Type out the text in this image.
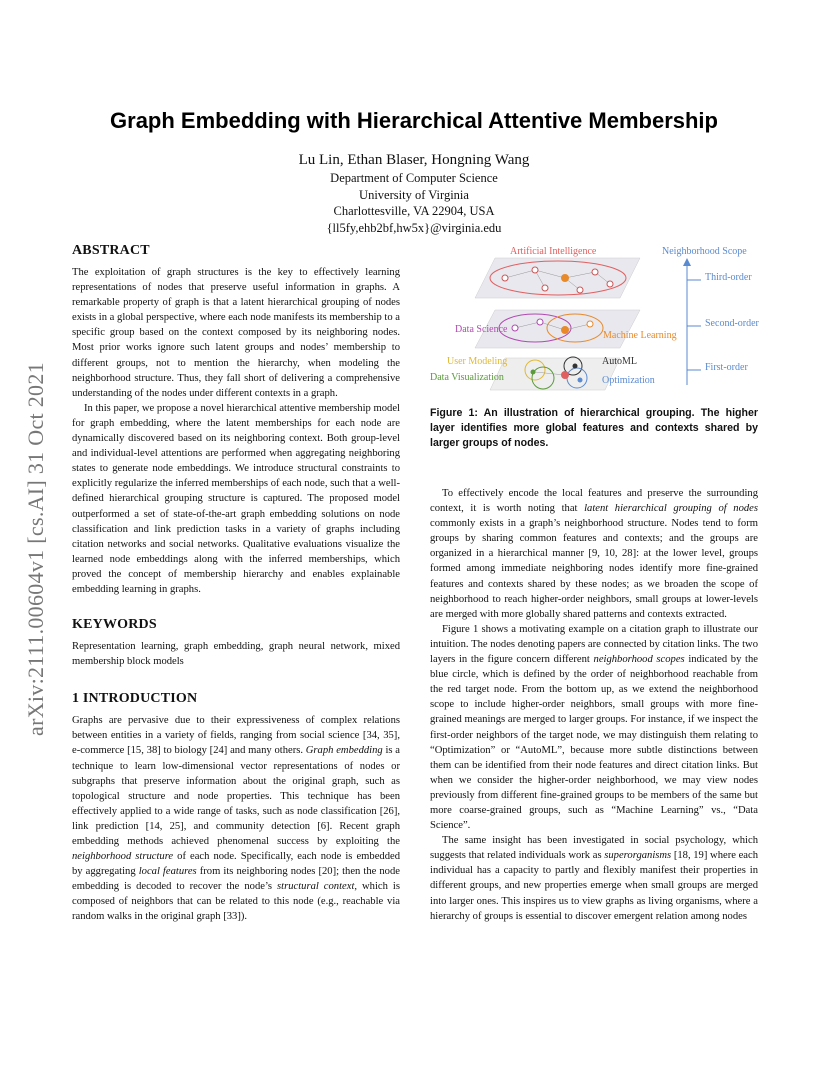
arXiv:2111.00604v1 [cs.AI] 31 Oct 2021
Graph Embedding with Hierarchical Attentive Membership
Lu Lin, Ethan Blaser, Hongning Wang
Department of Computer Science
University of Virginia
Charlottesville, VA 22904, USA
{ll5fy,ehb2bf,hw5x}@virginia.edu
ABSTRACT

The exploitation of graph structures is the key to effectively learning representations of nodes that preserve useful information in graphs. A remarkable property of graph is that a latent hierarchical grouping of nodes exists in a global perspective, where each node manifests its membership to a specific group based on the context composed by its neighboring nodes. Most prior works ignore such latent groups and nodes’ membership to different groups, not to mention the hierarchy, when modeling the neighborhood structure. Thus, they fall short of delivering a comprehensive understanding of the nodes under different contexts in a graph.

In this paper, we propose a novel hierarchical attentive membership model for graph embedding, where the latent memberships for each node are dynamically discovered based on its neighboring context. Both group-level and individual-level attentions are performed when aggregating neighboring states to generate node embeddings. We introduce structural constraints to explicitly regularize the inferred memberships of each node, such that a well-defined hierarchical grouping structure is captured. The proposed model outperformed a set of state-of-the-art graph embedding solutions on node classification and link prediction tasks in a variety of graphs including citation networks and social networks. Qualitative evaluations visualize the learned node embeddings along with the inferred memberships, which proved the concept of membership hierarchy and enables explainable embedding learning in graphs.

KEYWORDS

Representation learning, graph embedding, graph neural network, mixed membership block models

1 INTRODUCTION

Graphs are pervasive due to their expressiveness of complex relations between entities in a variety of fields, ranging from social science [34, 35], e-commerce [15, 38] to biology [24] and many others. Graph embedding is a technique to learn low-dimensional vector representations of nodes or subgraphs that preserve information about the original graph, such as topological structure and node properties. This technique has been effectively applied to a wide range of tasks, such as node classification [26], link prediction [14, 25], and community detection [6]. Recent graph embedding methods achieved phenomenal success by exploiting the neighborhood structure of each node. Specifically, each node is embedded by aggregating local features from its neighboring nodes [20]; then the node embedding is decoded to recover the node’s structural context, which is composed of neighbors that can be related to this node (e.g., reachable via random walks in the original graph [33]).

Artificial Intelligence
Data Science
Machine Learning
User Modeling
Data Visualization
AutoML
Optimization
Neighborhood Scope
Third-order
Second-order
First-order
Figure 1: An illustration of hierarchical grouping. The higher layer identifies more global features and contexts shared by larger groups of nodes.

To effectively encode the local features and preserve the surrounding context, it is worth noting that latent hierarchical grouping of nodes commonly exists in a graph’s neighborhood structure. Nodes tend to form groups by sharing common features and contexts; and the groups are organized in a hierarchical manner [9, 10, 28]: at the lower level, groups formed among immediate neighboring nodes identify more fine-grained features and contexts shared by these nodes; as we broaden the scope of neighborhood to reach higher-order neighbors, small groups at lower-levels are merged with more globally shared patterns and contexts extracted.

Figure 1 shows a motivating example on a citation graph to illustrate our intuition. The nodes denoting papers are connected by citation links. The two layers in the figure concern different neighborhood scopes indicated by the blue circle, which is defined by the order of neighborhood reachable from the red target node. From the bottom up, as we extend the neighborhood scope to include higher-order neighbors, small groups with more fine-grained meanings are merged to larger groups. For instance, if we inspect the first-order neighbors of the target node, we may distinguish them relating to “Optimization” or “AutoML”, because more subtle distinctions between them can be identified from their node features and direct citation links. But when we consider the higher-order neighborhood, we may view nodes previously from different fine-grained groups to be members of the same but more coarse-grained groups, such as “Machine Learning” vs., “Data Science”.

The same insight has been investigated in social psychology, which suggests that related individuals work as superorganisms [18, 19] where each individual has a capacity to partly and flexibly manifest their properties in different groups, and new properties emerge when small groups are merged into larger ones. This inspires us to view graphs as living organisms, where a hierarchy of groups is essential to discover emergent relation among nodes
